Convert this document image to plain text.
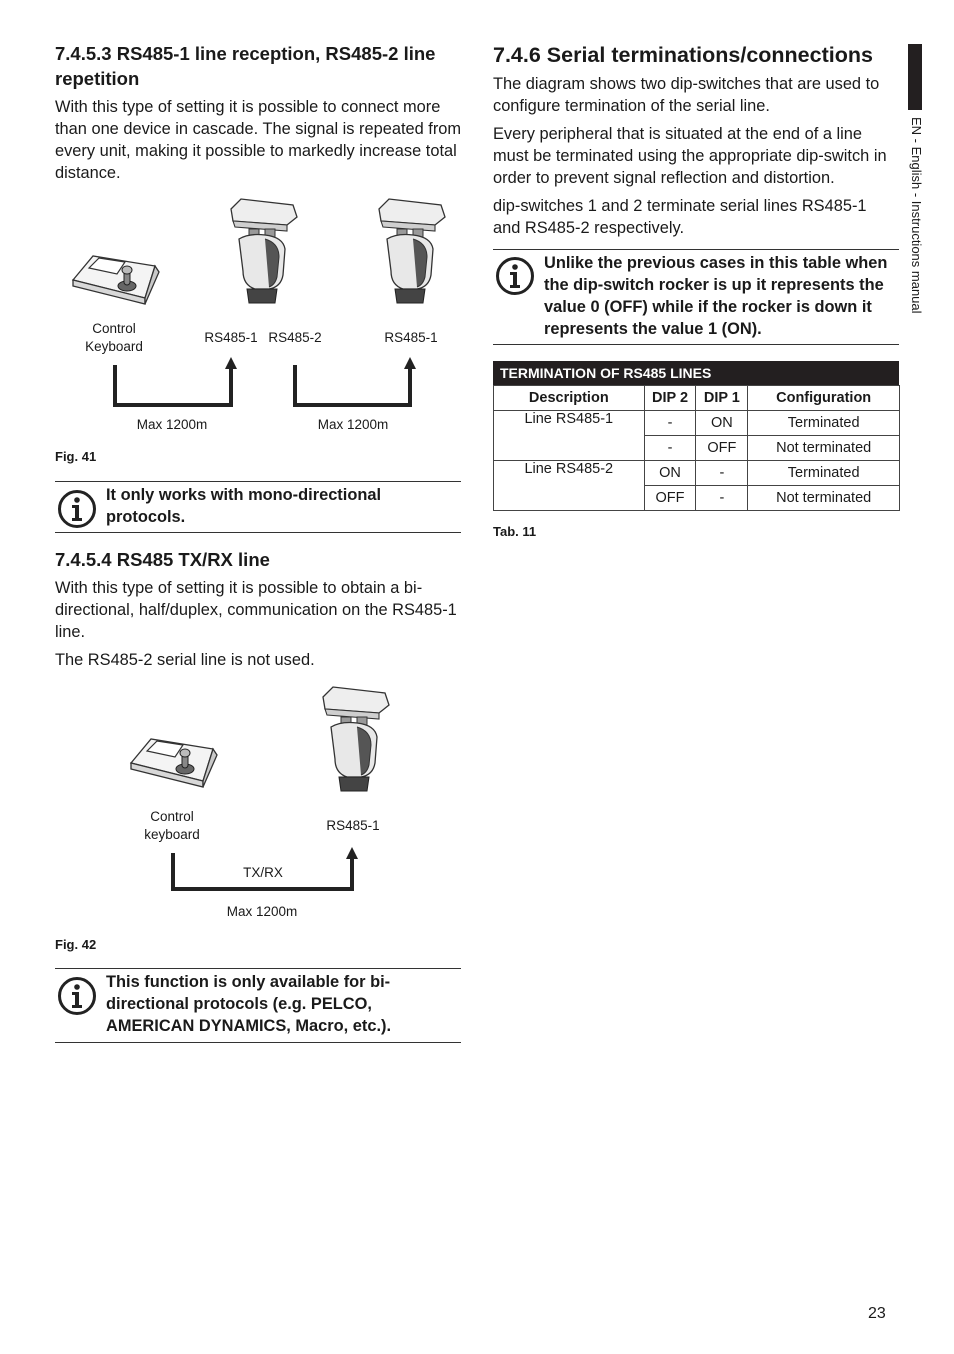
7.4.5.3 RS485-1 line reception, RS485-2 line repetition

With this type of setting it is possible to connect more than one device in cascade. The signal is repeated from every unit, making it possible to markedly increase total distance.

Control Keyboard
RS485-1 RS485-2	RS485-1
Max 1200m	Max 1200m
Fig. 41
It only works with mono-directional protocols.
7.4.5.4 RS485 TX/RX line

With this type of setting it is possible to obtain a bi-directional, half/duplex, communication on the RS485-1 line.

The RS485-2 serial line is not used.

Control keyboard
RS485-1
TX/RX
Max 1200m
Fig. 42
This function is only available for bi-directional protocols (e.g. PELCO, AMERICAN DYNAMICS, Macro, etc.).
7.4.6 Serial terminations/connections

The diagram shows two dip-switches that are used to configure termination of the serial line.

Every peripheral that is situated at the end of a line must be terminated using the appropriate dip-switch in order to prevent signal reflection and distortion.

dip-switches 1 and 2 terminate serial lines RS485-1 and RS485-2 respectively.

Unlike the previous cases in this table when the dip-switch rocker is up it represents the value 0 (OFF) while if the rocker is down it represents the value 1 (ON).
TERMINATION OF RS485 LINES
Description	DIP 2	DIP 1	Configuration
Line RS485-1	-	ON	Terminated
	-	OFF	Not terminated
Line RS485-2	ON	-	Terminated
	OFF	-	Not terminated
Tab. 11
EN - English - Instructions manual
23
